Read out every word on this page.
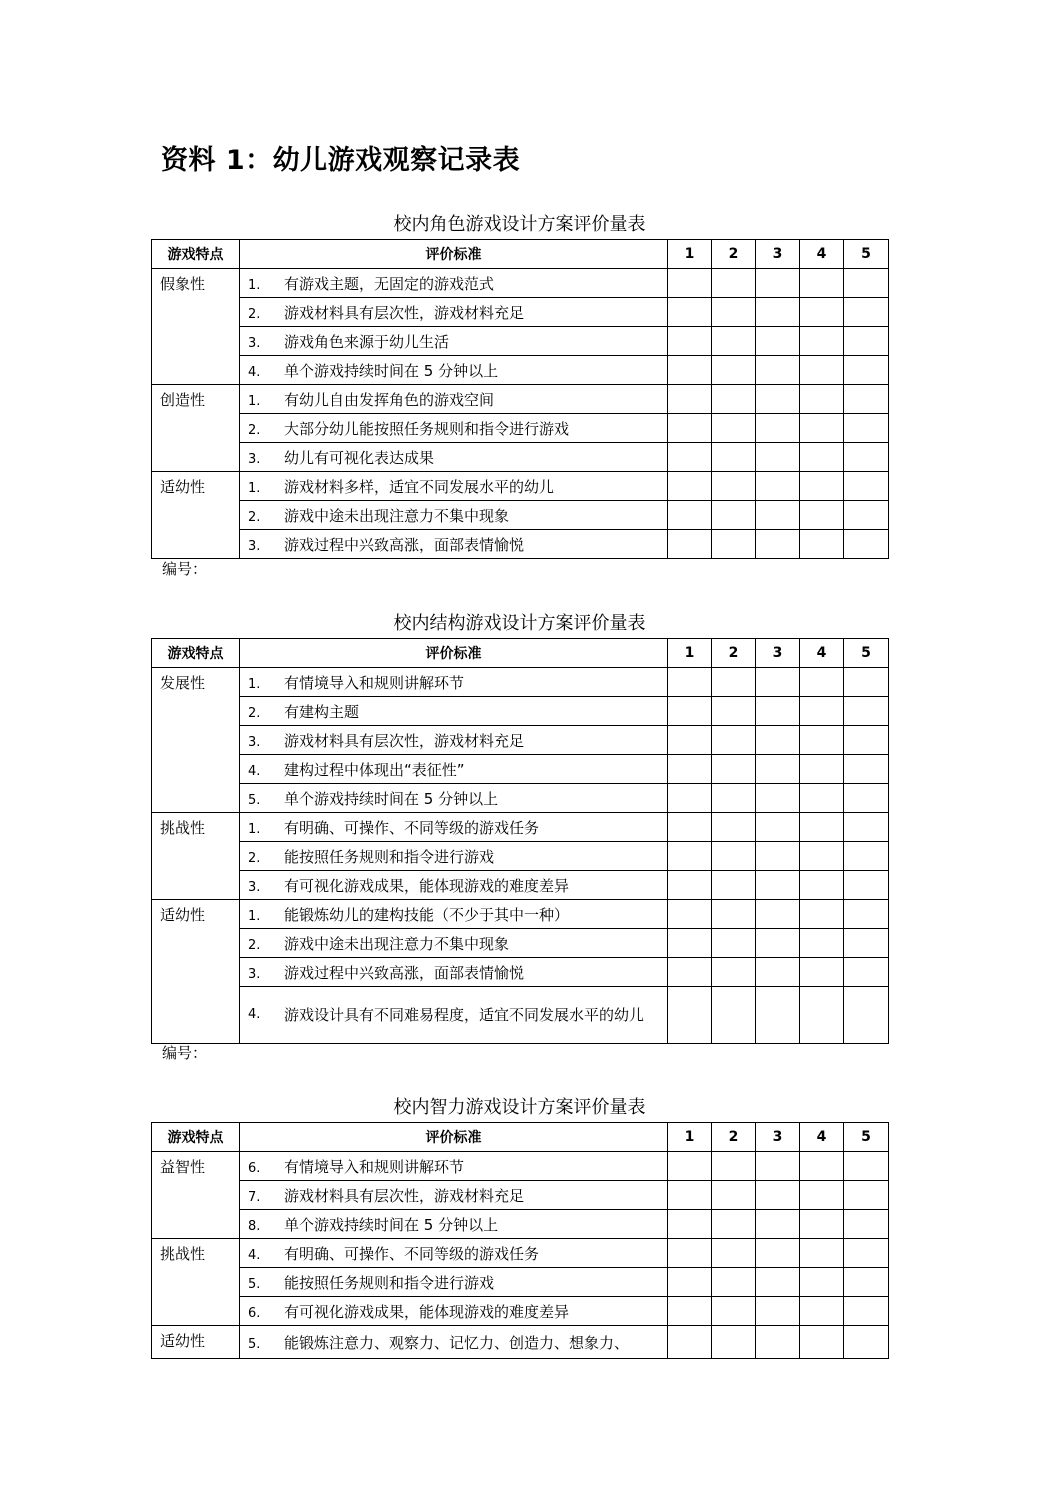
资料 1：幼儿游戏观察记录表
校内角色游戏设计方案评价量表
游戏特点	评价标准	1	2	3	4	5
假象性	1. 有游戏主题，无固定的游戏范式					
	2. 游戏材料具有层次性，游戏材料充足					
	3. 游戏角色来源于幼儿生活					
	4. 单个游戏持续时间在 5 分钟以上					
创造性	1. 有幼儿自由发挥角色的游戏空间					
	2. 大部分幼儿能按照任务规则和指令进行游戏					
	3. 幼儿有可视化表达成果					
适幼性	1. 游戏材料多样，适宜不同发展水平的幼儿					
	2. 游戏中途未出现注意力不集中现象					
	3. 游戏过程中兴致高涨，面部表情愉悦					
编号：
校内结构游戏设计方案评价量表
游戏特点	评价标准	1	2	3	4	5
发展性	1. 有情境导入和规则讲解环节					
	2. 有建构主题					
	3. 游戏材料具有层次性，游戏材料充足					
	4. 建构过程中体现出“表征性”					
	5. 单个游戏持续时间在 5 分钟以上					
挑战性	1. 有明确、可操作、不同等级的游戏任务					
	2. 能按照任务规则和指令进行游戏					
	3. 有可视化游戏成果，能体现游戏的难度差异					
适幼性	1. 能锻炼幼儿的建构技能（不少于其中一种）					
	2. 游戏中途未出现注意力不集中现象					
	3. 游戏过程中兴致高涨，面部表情愉悦					

	4. 游戏设计具有不同难易程度，适宜不同发展水平的幼儿					

编号：
校内智力游戏设计方案评价量表
游戏特点	评价标准	1	2	3	4	5
益智性	6. 有情境导入和规则讲解环节					
	7. 游戏材料具有层次性，游戏材料充足					
	8. 单个游戏持续时间在 5 分钟以上					
挑战性	4. 有明确、可操作、不同等级的游戏任务					
	5. 能按照任务规则和指令进行游戏					
	6. 有可视化游戏成果，能体现游戏的难度差异					
适幼性	5. 能锻炼注意力、观察力、记忆力、创造力、想象力、					
